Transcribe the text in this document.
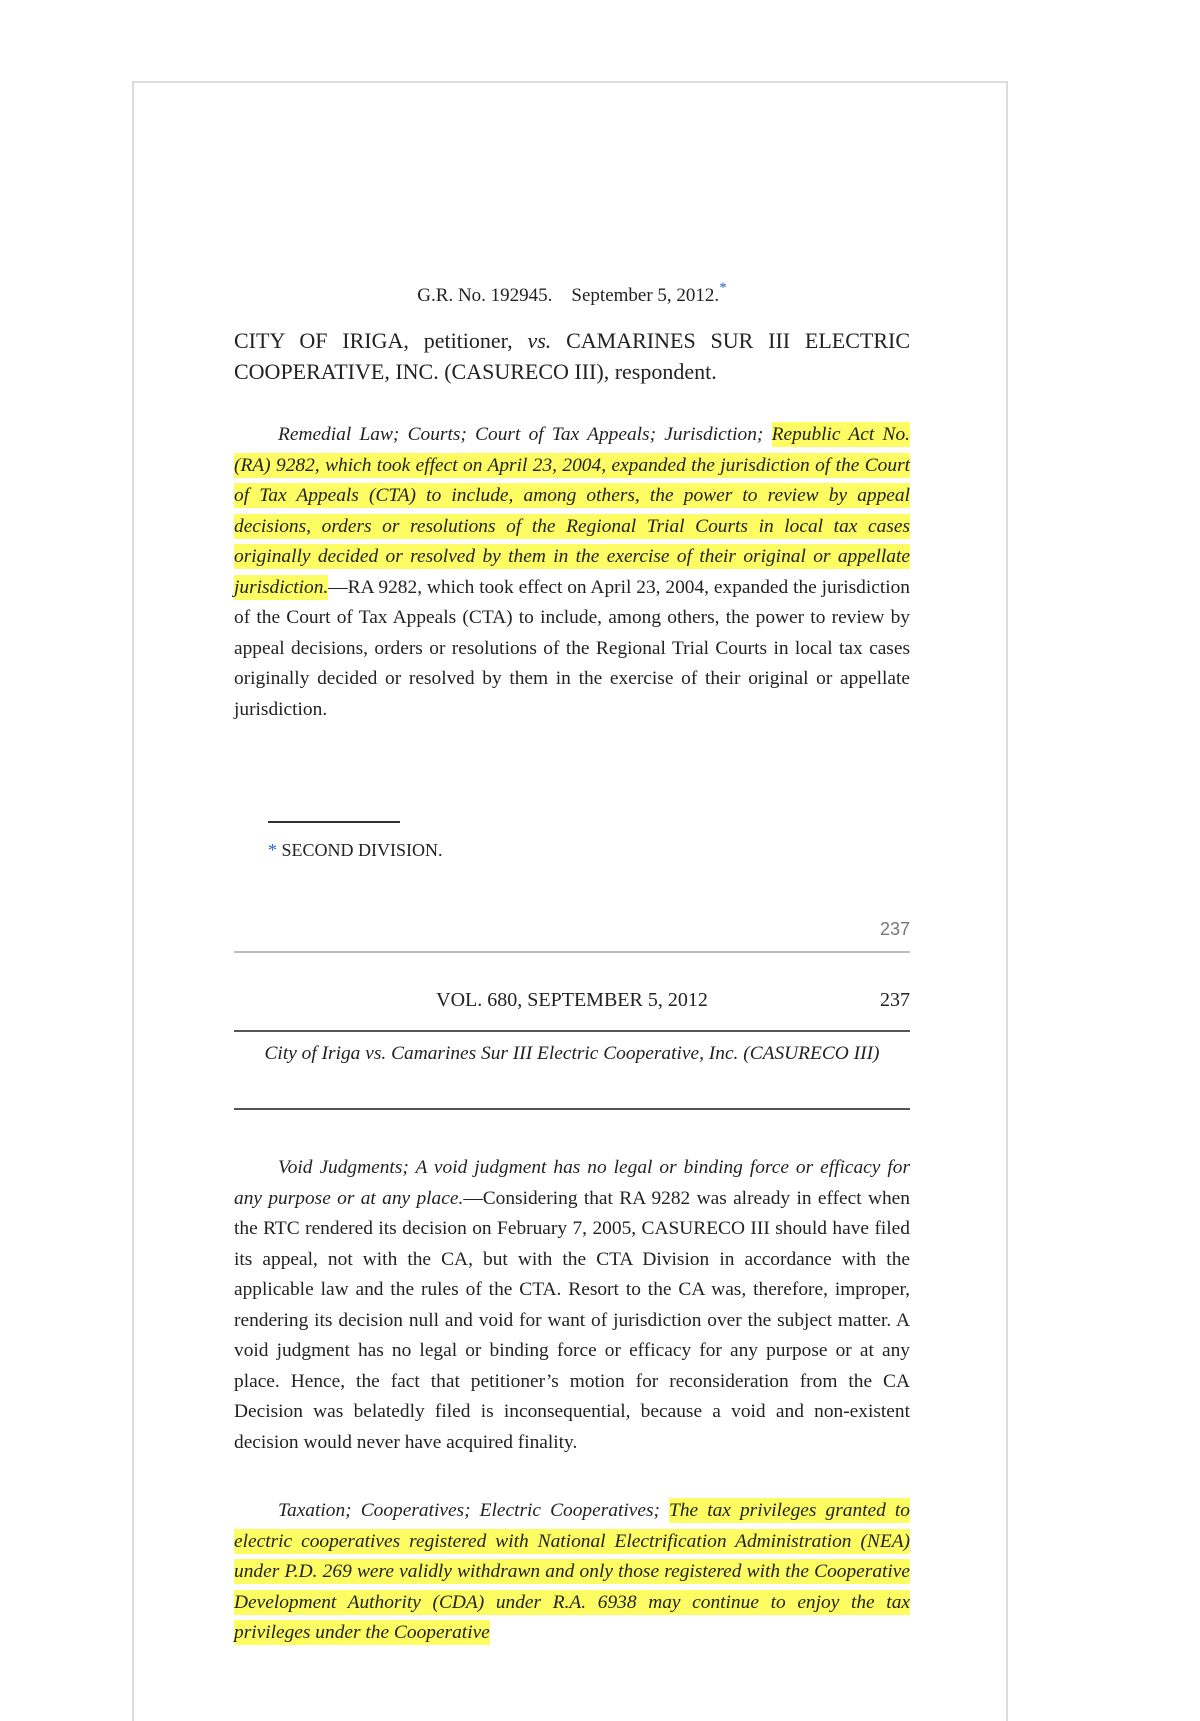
G.R. No. 192945. September 5, 2012.*
CITY OF IRIGA, petitioner, vs. CAMARINES SUR III ELECTRIC COOPERATIVE, INC. (CASURECO III), respondent.
Remedial Law; Courts; Court of Tax Appeals; Jurisdiction; Republic Act No. (RA) 9282, which took effect on April 23, 2004, expanded the jurisdiction of the Court of Tax Appeals (CTA) to include, among others, the power to review by appeal decisions, orders or resolutions of the Regional Trial Courts in local tax cases originally decided or resolved by them in the exercise of their original or appellate jurisdiction.—RA 9282, which took effect on April 23, 2004, expanded the jurisdiction of the Court of Tax Appeals (CTA) to include, among others, the power to review by appeal decisions, orders or resolutions of the Regional Trial Courts in local tax cases originally decided or resolved by them in the exercise of their original or appellate jurisdiction.
* SECOND DIVISION.
237
VOL. 680, SEPTEMBER 5, 2012	237
City of Iriga vs. Camarines Sur III Electric Cooperative, Inc. (CASURECO III)
Void Judgments; A void judgment has no legal or binding force or efficacy for any purpose or at any place.—Considering that RA 9282 was already in effect when the RTC rendered its decision on February 7, 2005, CASURECO III should have filed its appeal, not with the CA, but with the CTA Division in accordance with the applicable law and the rules of the CTA. Resort to the CA was, therefore, improper, rendering its decision null and void for want of jurisdiction over the subject matter. A void judgment has no legal or binding force or efficacy for any purpose or at any place. Hence, the fact that petitioner’s motion for reconsideration from the CA Decision was belatedly filed is inconsequential, because a void and non-existent decision would never have acquired finality.
Taxation; Cooperatives; Electric Cooperatives; The tax privileges granted to electric cooperatives registered with National Electrification Administration (NEA) under P.D. 269 were validly withdrawn and only those registered with the Cooperative Development Authority (CDA) under R.A. 6938 may continue to enjoy the tax privileges under the Cooperative
